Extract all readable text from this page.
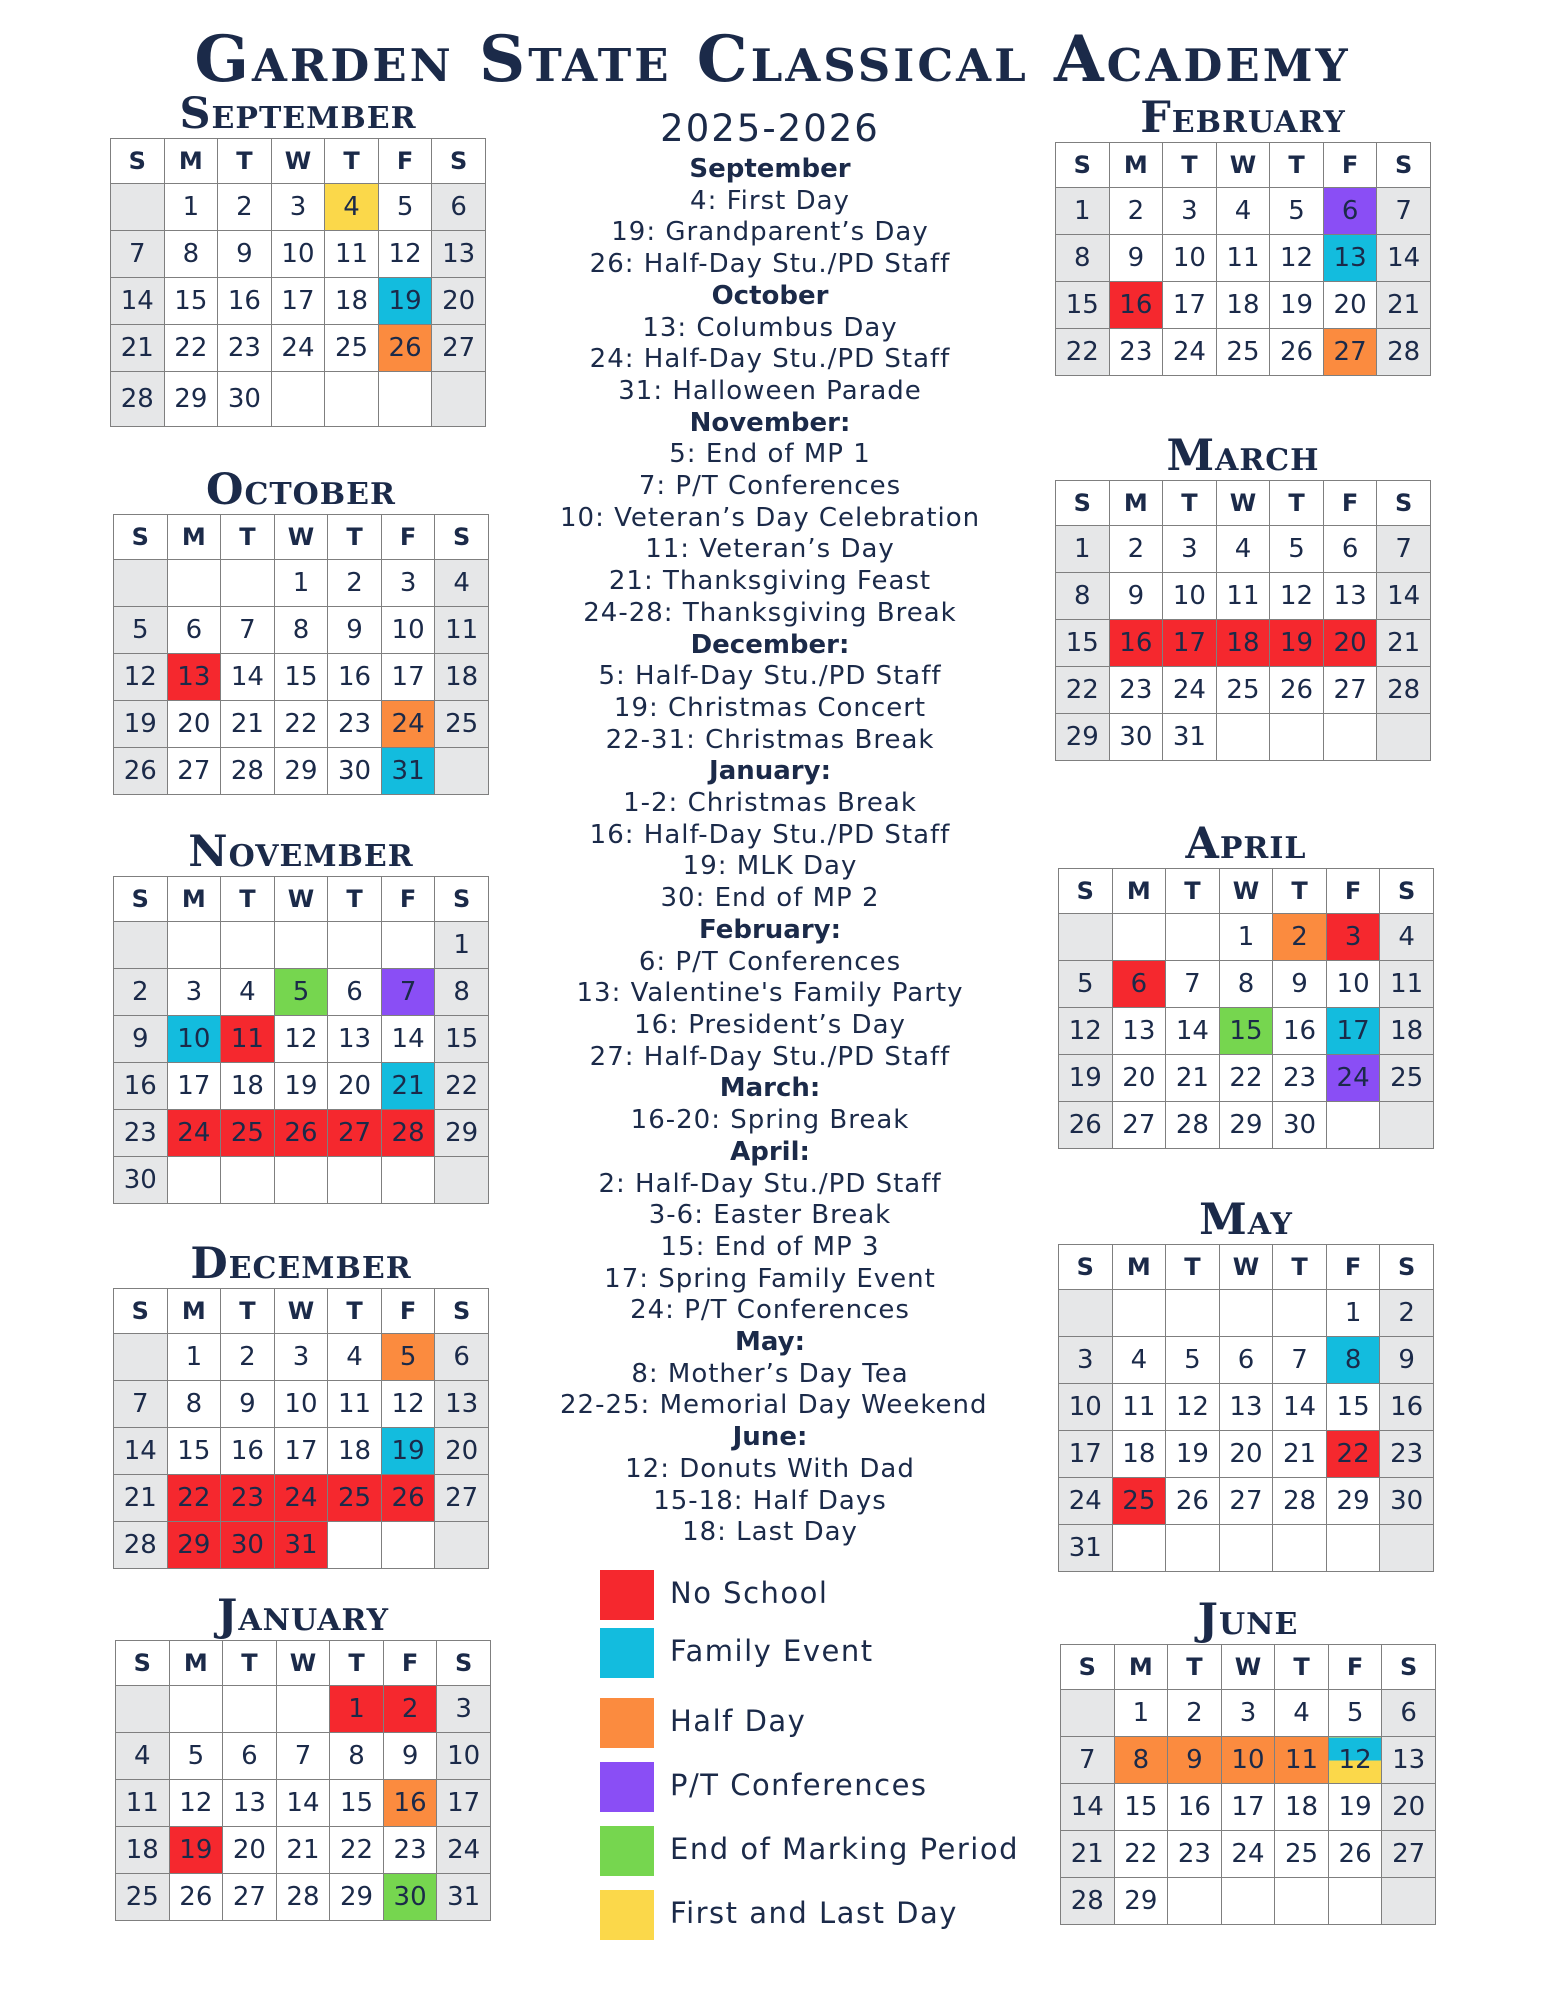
Garden State Classical Academy
September
S	M	T	W	T	F	S
	1	2	3	4	5	6
7	8	9	10	11	12	13
14	15	16	17	18	19	20
21	22	23	24	25	26	27
28	29	30				
October
S	M	T	W	T	F	S
			1	2	3	4
5	6	7	8	9	10	11
12	13	14	15	16	17	18
19	20	21	22	23	24	25
26	27	28	29	30	31	
November
S	M	T	W	T	F	S
						1
2	3	4	5	6	7	8
9	10	11	12	13	14	15
16	17	18	19	20	21	22
23	24	25	26	27	28	29
30						
December
S	M	T	W	T	F	S
	1	2	3	4	5	6
7	8	9	10	11	12	13
14	15	16	17	18	19	20
21	22	23	24	25	26	27
28	29	30	31			
January
S	M	T	W	T	F	S
				1	2	3
4	5	6	7	8	9	10
11	12	13	14	15	16	17
18	19	20	21	22	23	24
25	26	27	28	29	30	31
February
S	M	T	W	T	F	S
1	2	3	4	5	6	7
8	9	10	11	12	13	14
15	16	17	18	19	20	21
22	23	24	25	26	27	28
March
S	M	T	W	T	F	S
1	2	3	4	5	6	7
8	9	10	11	12	13	14
15	16	17	18	19	20	21
22	23	24	25	26	27	28
29	30	31				
April
S	M	T	W	T	F	S
			1	2	3	4
5	6	7	8	9	10	11
12	13	14	15	16	17	18
19	20	21	22	23	24	25
26	27	28	29	30		
May
S	M	T	W	T	F	S
					1	2
3	4	5	6	7	8	9
10	11	12	13	14	15	16
17	18	19	20	21	22	23
24	25	26	27	28	29	30
31						
June
S	M	T	W	T	F	S
	1	2	3	4	5	6
7	8	9	10	11	12	13
14	15	16	17	18	19	20
21	22	23	24	25	26	27
28	29					
2025-2026
September
4: First Day
19: Grandparent’s Day
26: Half-Day Stu./PD Staff
October
13: Columbus Day
24: Half-Day Stu./PD Staff
31: Halloween Parade
November:
5: End of MP 1
7: P/T Conferences
10: Veteran’s Day Celebration
11: Veteran’s Day
21: Thanksgiving Feast
24-28: Thanksgiving Break
December:
5: Half-Day Stu./PD Staff
19: Christmas Concert
22-31: Christmas Break
January:
1-2: Christmas Break
16: Half-Day Stu./PD Staff
19: MLK Day
30: End of MP 2
February:
6: P/T Conferences
13: Valentine's Family Party
16: President’s Day
27: Half-Day Stu./PD Staff
March:
16-20: Spring Break
April:
2: Half-Day Stu./PD Staff
3-6: Easter Break
15: End of MP 3
17: Spring Family Event
24: P/T Conferences
May:
8: Mother’s Day Tea
22-25: Memorial Day Weekend
June:
12: Donuts With Dad
15-18: Half Days
18: Last Day
No School
Family Event
Half Day
P/T Conferences
End of Marking Period
First and Last Day
